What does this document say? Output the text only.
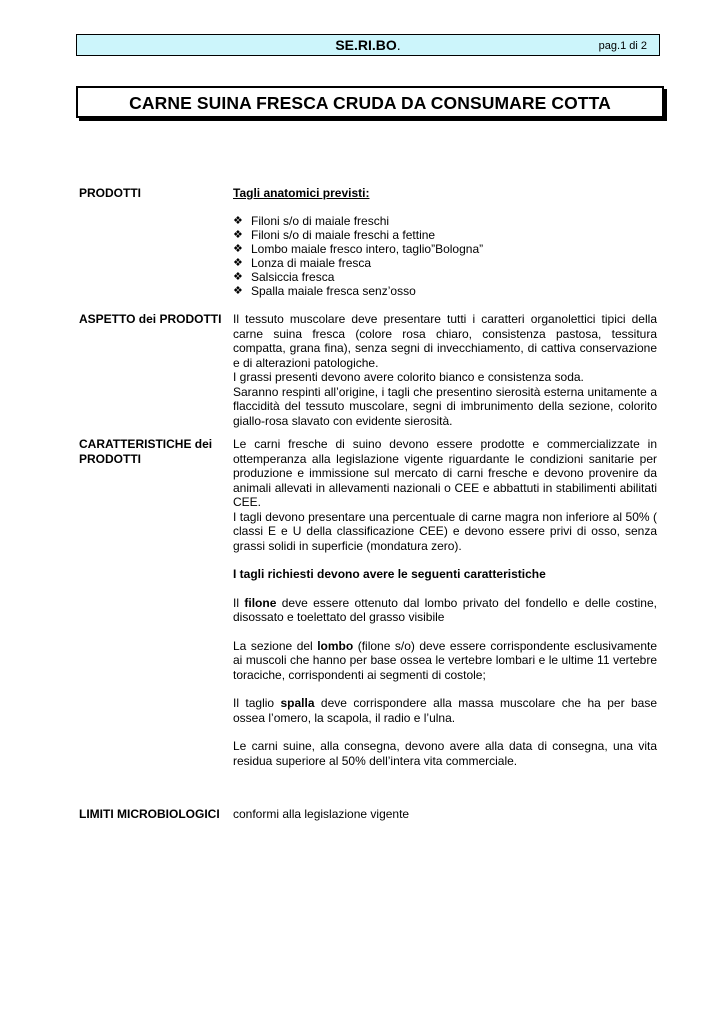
SE.RI.BO.	pag.1 di 2
CARNE SUINA FRESCA CRUDA DA CONSUMARE COTTA
PRODOTTI	Tagli anatomici previsti:
❖ Filoni s/o di maiale freschi
❖ Filoni s/o di maiale freschi a fettine
❖ Lombo maiale fresco intero, taglio”Bologna”
❖ Lonza di maiale fresca
❖ Salsiccia fresca
❖ Spalla maiale fresca senz’osso
ASPETTO dei PRODOTTI Il tessuto muscolare deve presentare tutti i caratteri organolettici tipici della carne suina fresca (colore rosa chiaro, consistenza pastosa, tessitura compatta, grana fina), senza segni di invecchiamento, di cattiva conservazione e di alterazioni patologiche.

I grassi presenti devono avere colorito bianco e consistenza soda.

Saranno respinti all’origine, i tagli che presentino sierosità esterna unitamente a flaccidità del tessuto muscolare, segni di imbrunimento della sezione, colorito giallo-rosa slavato con evidente sierosità.

CARATTERISTICHE dei
PRODOTTI

Le carni fresche di suino devono essere prodotte e commercializzate in ottemperanza alla legislazione vigente riguardante le condizioni sanitarie per produzione e immissione sul mercato di carni fresche e devono provenire da animali allevati in allevamenti nazionali o CEE e abbattuti in stabilimenti abilitati CEE.

I tagli devono presentare una percentuale di carne magra non inferiore al 50% ( classi E e U della classificazione CEE) e devono essere privi di osso, senza grassi solidi in superficie (mondatura zero).

I tagli richiesti devono avere le seguenti caratteristiche

Il filone deve essere ottenuto dal lombo privato del fondello e delle costine, disossato e toelettato del grasso visibile

La sezione del lombo (filone s/o) deve essere corrispondente esclusivamente ai muscoli che hanno per base ossea le vertebre lombari e le ultime 11 vertebre toraciche, corrispondenti ai segmenti di costole;

Il taglio spalla deve corrispondere alla massa muscolare che ha per base ossea l’omero, la scapola, il radio e l’ulna.

Le carni suine, alla consegna, devono avere alla data di consegna, una vita residua superiore al 50% dell’intera vita commerciale.

LIMITI MICROBIOLOGICI conformi alla legislazione vigente
